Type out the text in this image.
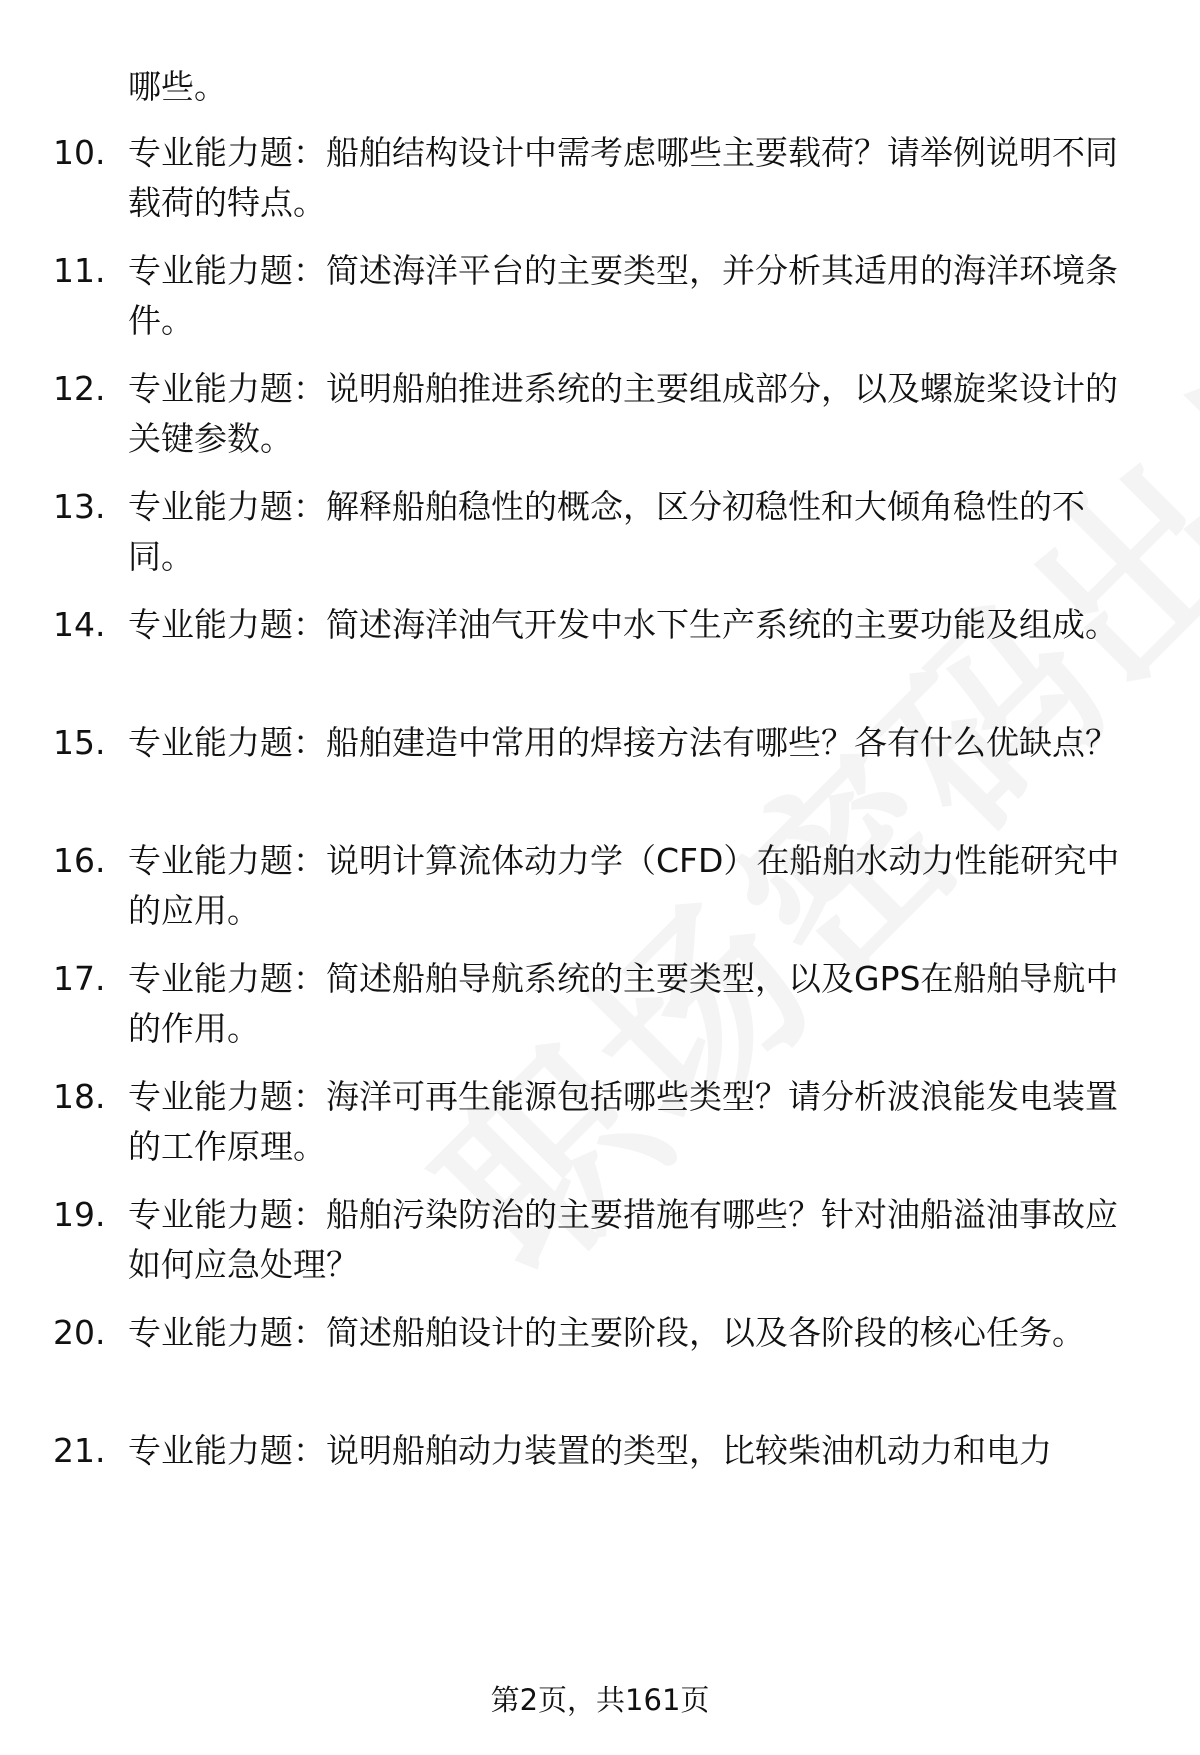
哪些。
10. 专业能力题：船舶结构设计中需考虑哪些主要载荷？请举例说明不同载荷的特点。
11. 专业能力题：简述海洋平台的主要类型，并分析其适用的海洋环境条件。
12. 专业能力题：说明船舶推进系统的主要组成部分，以及螺旋桨设计的关键参数。
13. 专业能力题：解释船舶稳性的概念，区分初稳性和大倾角稳性的不同。
14. 专业能力题：简述海洋油气开发中水下生产系统的主要功能及组成。
15. 专业能力题：船舶建造中常用的焊接方法有哪些？各有什么优缺点？
16. 专业能力题：说明计算流体动力学（CFD）在船舶水动力性能研究中的应用。
17. 专业能力题：简述船舶导航系统的主要类型，以及GPS在船舶导航中的作用。
18. 专业能力题：海洋可再生能源包括哪些类型？请分析波浪能发电装置的工作原理。
19. 专业能力题：船舶污染防治的主要措施有哪些？针对油船溢油事故应如何应急处理？
20. 专业能力题：简述船舶设计的主要阶段，以及各阶段的核心任务。
21. 专业能力题：说明船舶动力装置的类型，比较柴油机动力和电力
第2页，共161页
